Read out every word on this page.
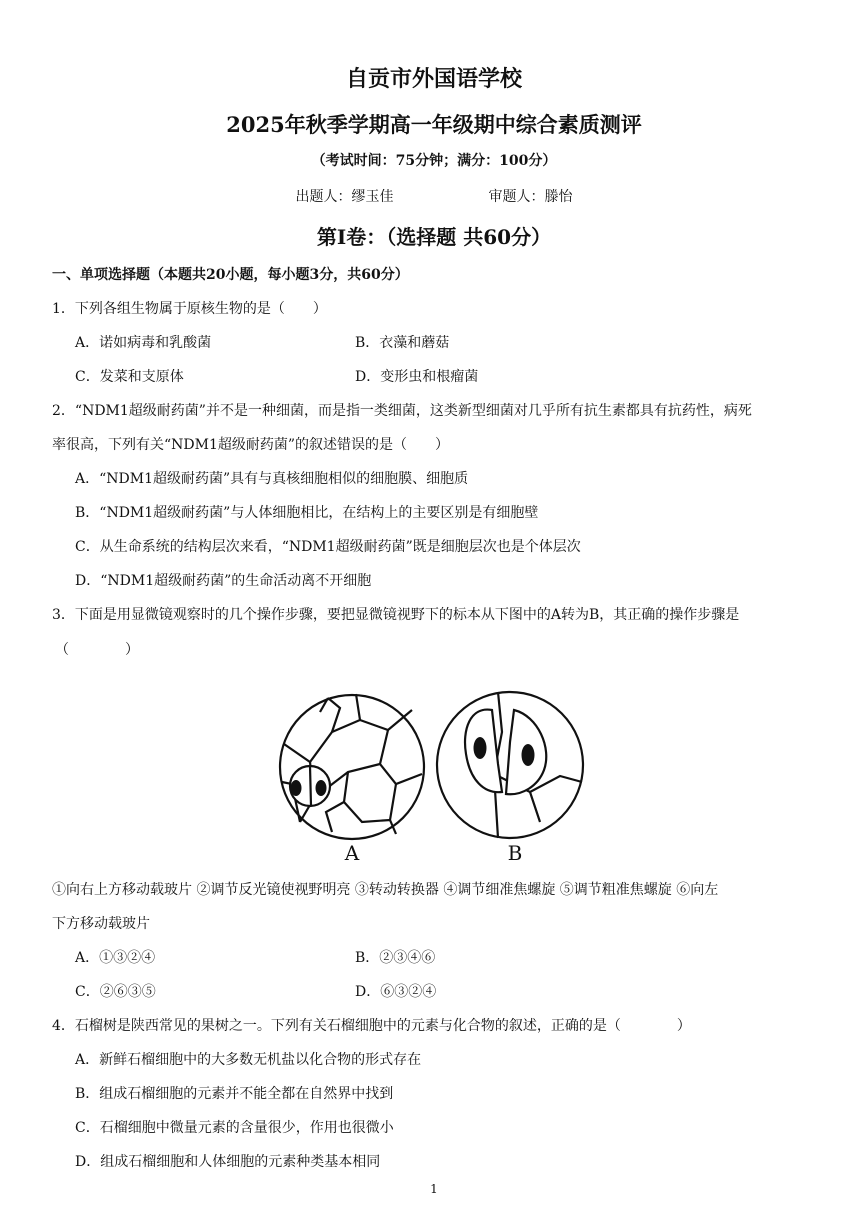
自贡市外国语学校
2025年秋季学期高一年级期中综合素质测评
（考试时间：75分钟；满分：100分）
出题人：缪玉佳	审题人：滕怡
第Ⅰ卷：（选择题 共60分）
一、单项选择题（本题共20小题，每小题3分，共60分）
1．下列各组生物属于原核生物的是（　　）
A．诺如病毒和乳酸菌	B．衣藻和蘑菇
C．发菜和支原体	D．变形虫和根瘤菌
2．“NDM1超级耐药菌”并不是一种细菌，而是指一类细菌，这类新型细菌对几乎所有抗生素都具有抗药性，病死
率很高，下列有关“NDM1超级耐药菌”的叙述错误的是（　　）
A．“NDM1超级耐药菌”具有与真核细胞相似的细胞膜、细胞质
B．“NDM1超级耐药菌”与人体细胞相比，在结构上的主要区别是有细胞壁
C．从生命系统的结构层次来看，“NDM1超级耐药菌”既是细胞层次也是个体层次
D．“NDM1超级耐药菌”的生命活动离不开细胞
3．下面是用显微镜观察时的几个操作步骤，要把显微镜视野下的标本从下图中的A转为B，其正确的操作步骤是
（　　　　）
A	B
①向右上方移动载玻片 ②调节反光镜使视野明亮 ③转动转换器 ④调节细准焦螺旋 ⑤调节粗准焦螺旋 ⑥向左
下方移动载玻片
A．①③②④	B．②③④⑥
C．②⑥③⑤	D．⑥③②④
4．石榴树是陕西常见的果树之一。下列有关石榴细胞中的元素与化合物的叙述，正确的是（　　　　）
A．新鲜石榴细胞中的大多数无机盐以化合物的形式存在
B．组成石榴细胞的元素并不能全都在自然界中找到
C．石榴细胞中微量元素的含量很少，作用也很微小
D．组成石榴细胞和人体细胞的元素种类基本相同
1
